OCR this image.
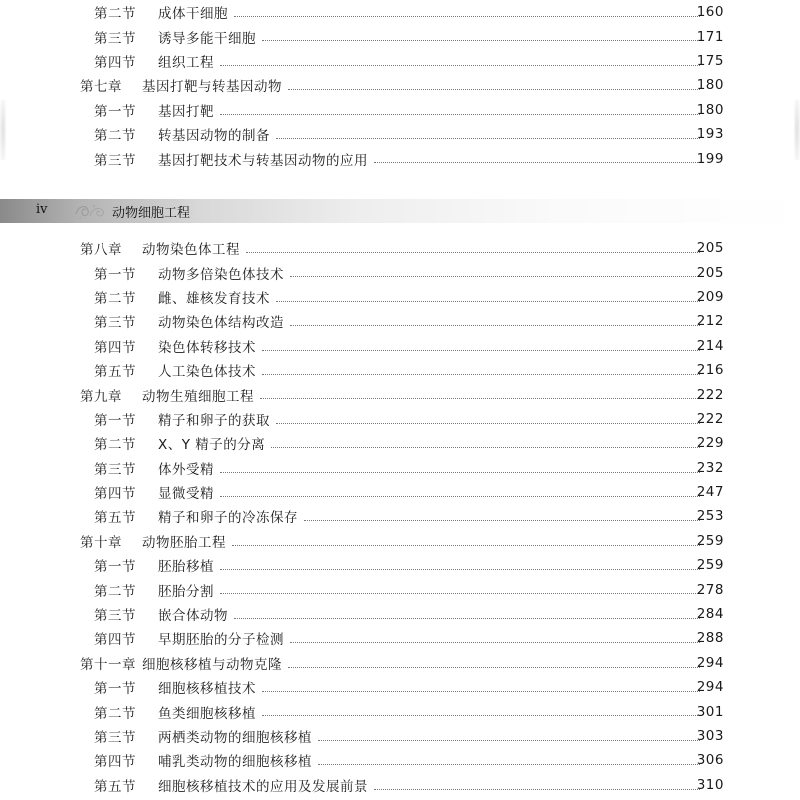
第二节 成体干细胞	160
第三节 诱导多能干细胞	171
第四节 组织工程	175
第七章 基因打靶与转基因动物	180
第一节 基因打靶	180
第二节 转基因动物的制备	193
第三节 基因打靶技术与转基因动物的应用	199
iv	动物细胞工程
第八章 动物染色体工程	205
第一节 动物多倍染色体技术	205
第二节 雌、雄核发育技术	209
第三节 动物染色体结构改造	212
第四节 染色体转移技术	214
第五节 人工染色体技术	216
第九章 动物生殖细胞工程	222
第一节 精子和卵子的获取	222
第二节 X、Y 精子的分离	229
第三节 体外受精	232
第四节 显微受精	247
第五节 精子和卵子的冷冻保存	253
第十章 动物胚胎工程	259
第一节 胚胎移植	259
第二节 胚胎分割	278
第三节 嵌合体动物	284
第四节 早期胚胎的分子检测	288
第十一章 细胞核移植与动物克隆	294
第一节 细胞核移植技术	294
第二节 鱼类细胞核移植	301
第三节 两栖类动物的细胞核移植	303
第四节 哺乳类动物的细胞核移植	306
第五节 细胞核移植技术的应用及发展前景	310
